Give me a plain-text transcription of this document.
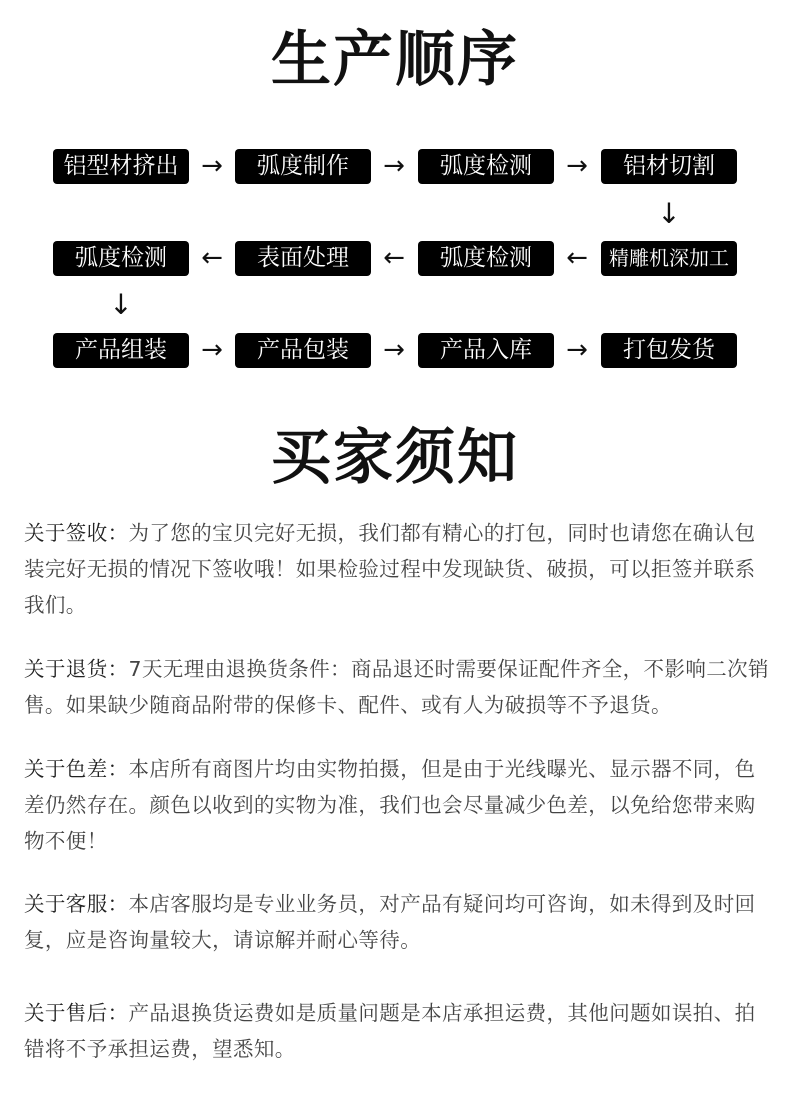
生产顺序
铝型材挤出 →	弧度制作	→	弧度检测	→	铝材切割
↓
弧度检测	←	表面处理	←	弧度检测	←	精雕机深加工
↓
产品组装	→	产品包装	→	产品入库	→	打包发货
买家须知
关于签收：为了您的宝贝完好无损，我们都有精心的打包，同时也请您在确认包装完好无损的情况下签收哦！如果检验过程中发现缺货、破损，可以拒签并联系我们。
关于退货：7天无理由退换货条件：商品退还时需要保证配件齐全，不影响二次销售。如果缺少随商品附带的保修卡、配件、或有人为破损等不予退货。
关于色差：本店所有商图片均由实物拍摄，但是由于光线曝光、显示器不同，色差仍然存在。颜色以收到的实物为准，我们也会尽量减少色差，以免给您带来购物不便！
关于客服：本店客服均是专业业务员，对产品有疑问均可咨询，如未得到及时回复，应是咨询量较大，请谅解并耐心等待。
关于售后：产品退换货运费如是质量问题是本店承担运费，其他问题如误拍、拍错将不予承担运费，望悉知。
